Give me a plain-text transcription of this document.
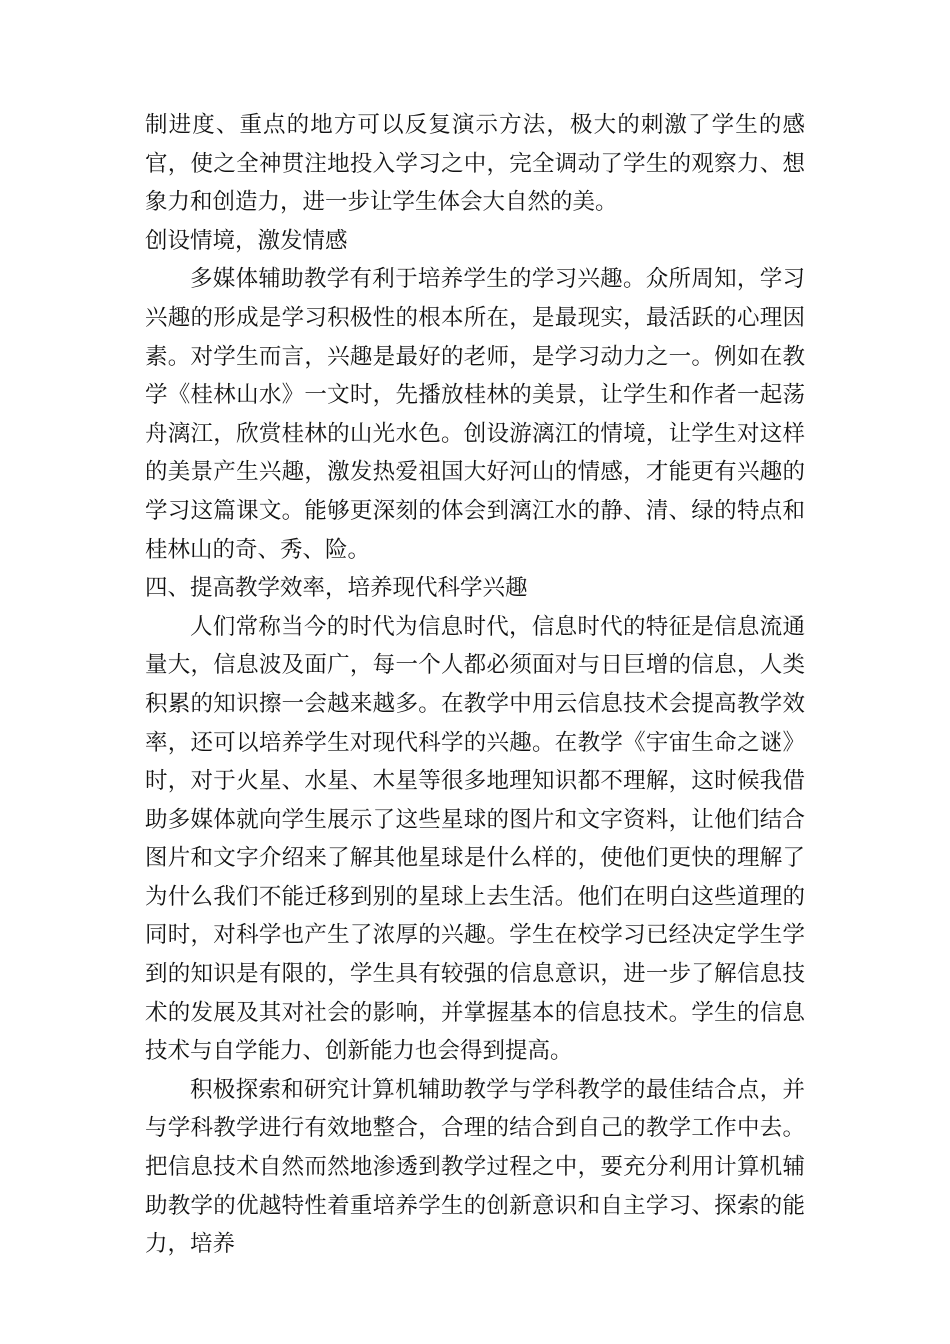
制进度、重点的地方可以反复演示方法，极大的刺激了学生的感官，使之全神贯注地投入学习之中，完全调动了学生的观察力、想象力和创造力，进一步让学生体会大自然的美。

创设情境，激发情感

多媒体辅助教学有利于培养学生的学习兴趣。众所周知，学习兴趣的形成是学习积极性的根本所在，是最现实，最活跃的心理因素。对学生而言，兴趣是最好的老师，是学习动力之一。例如在教学《桂林山水》一文时，先播放桂林的美景，让学生和作者一起荡舟漓江，欣赏桂林的山光水色。创设游漓江的情境，让学生对这样的美景产生兴趣，激发热爱祖国大好河山的情感，才能更有兴趣的学习这篇课文。能够更深刻的体会到漓江水的静、清、绿的特点和桂林山的奇、秀、险。

四、提高教学效率，培养现代科学兴趣

人们常称当今的时代为信息时代，信息时代的特征是信息流通量大，信息波及面广，每一个人都必须面对与日巨增的信息，人类积累的知识擦一会越来越多。在教学中用云信息技术会提高教学效率，还可以培养学生对现代科学的兴趣。在教学《宇宙生命之谜》时，对于火星、水星、木星等很多地理知识都不理解，这时候我借助多媒体就向学生展示了这些星球的图片和文字资料，让他们结合图片和文字介绍来了解其他星球是什么样的，使他们更快的理解了为什么我们不能迁移到别的星球上去生活。他们在明白这些道理的同时，对科学也产生了浓厚的兴趣。学生在校学习已经决定学生学到的知识是有限的，学生具有较强的信息意识，进一步了解信息技术的发展及其对社会的影响，并掌握基本的信息技术。学生的信息技术与自学能力、创新能力也会得到提高。

积极探索和研究计算机辅助教学与学科教学的最佳结合点，并与学科教学进行有效地整合，合理的结合到自己的教学工作中去。把信息技术自然而然地渗透到教学过程之中，要充分利用计算机辅助教学的优越特性着重培养学生的创新意识和自主学习、探索的能力，培养
